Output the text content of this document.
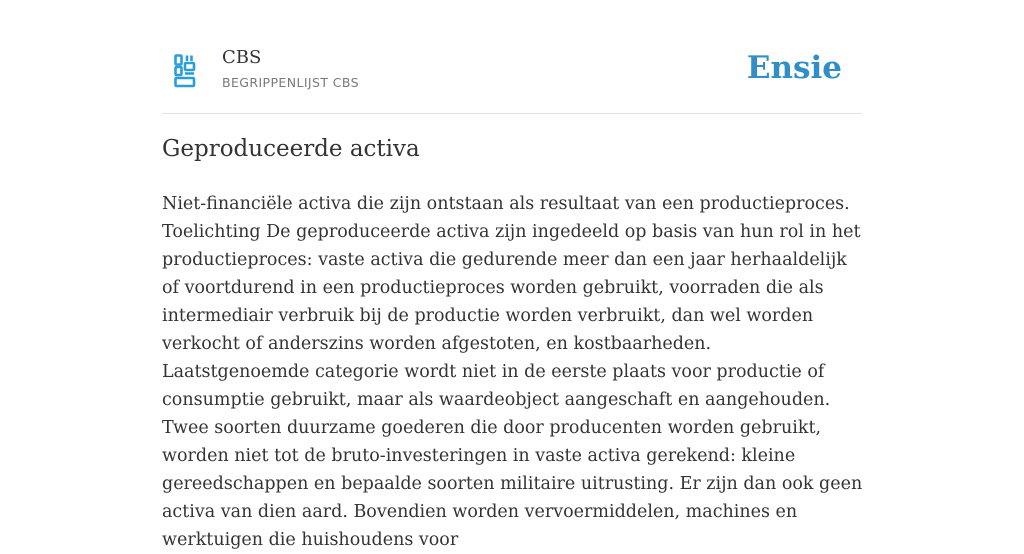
CBS
BEGRIPPENLIJST CBS	Ensie
Geproduceerde activa

Niet-financiële activa die zijn ontstaan als resultaat van een productieproces. Toelichting De geproduceerde activa zijn ingedeeld op basis van hun rol in het productieproces: vaste activa die gedurende meer dan een jaar herhaaldelijk of voortdurend in een productieproces worden gebruikt, voorraden die als intermediair verbruik bij de productie worden verbruikt, dan wel worden verkocht of anderszins worden afgestoten, en kostbaarheden. Laatstgenoemde categorie wordt niet in de eerste plaats voor productie of consumptie gebruikt, maar als waardeobject aangeschaft en aangehouden. Twee soorten duurzame goederen die door producenten worden gebruikt, worden niet tot de bruto-investeringen in vaste activa gerekend: kleine gereedschappen en bepaalde soorten militaire uitrusting. Er zijn dan ook geen activa van dien aard. Bovendien worden vervoermiddelen, machines en werktuigen die huishoudens voor
